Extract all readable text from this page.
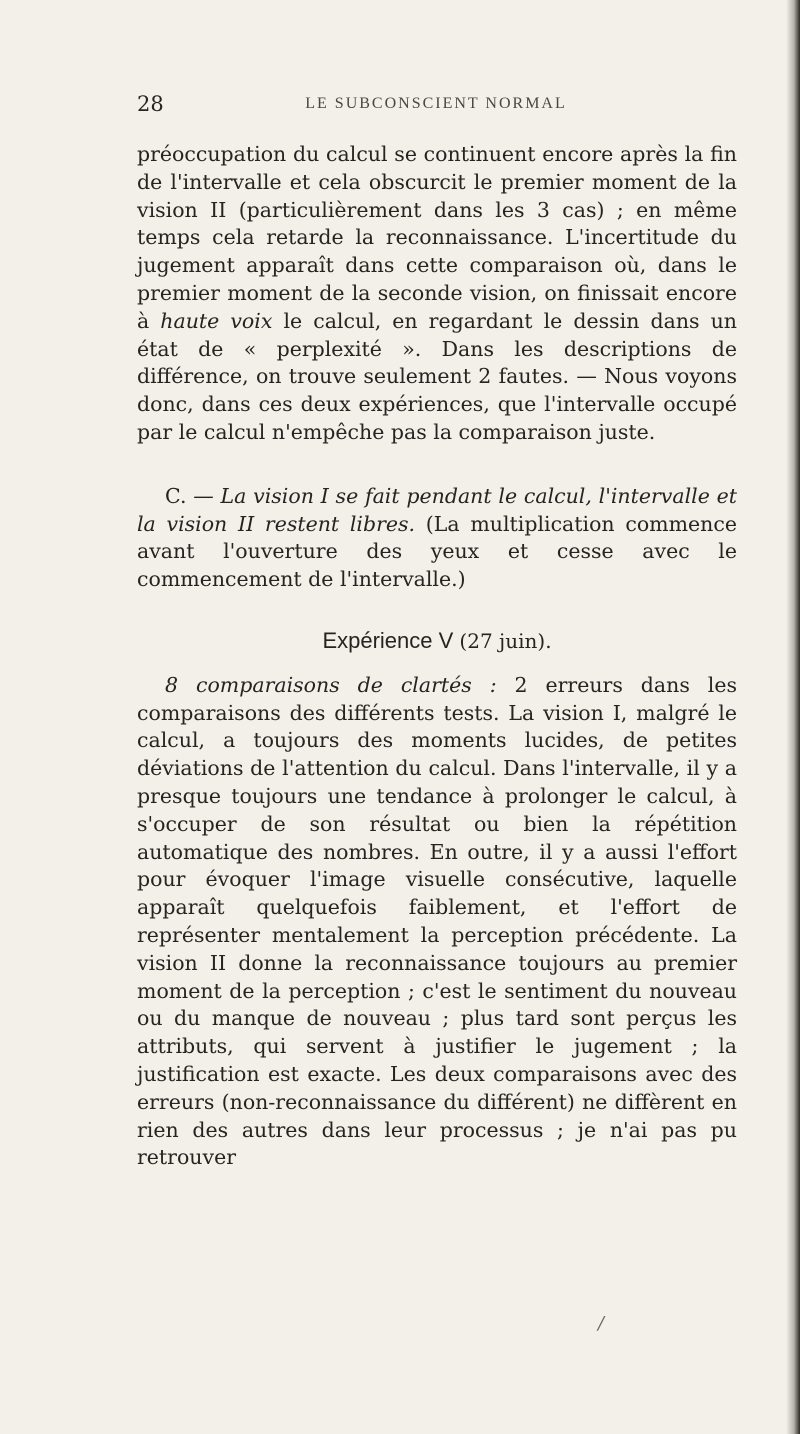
28	LE SUBCONSCIENT NORMAL

préoccupation du calcul se continuent encore après la fin de l'intervalle et cela obscurcit le premier moment de la vision II (particulièrement dans les 3 cas) ; en même temps cela retarde la reconnaissance. L'incertitude du jugement apparaît dans cette comparaison où, dans le premier moment de la seconde vision, on finissait encore à haute voix le calcul, en regardant le dessin dans un état de « perplexité ». Dans les descriptions de différence, on trouve seulement 2 fautes. — Nous voyons donc, dans ces deux expériences, que l'intervalle occupé par le calcul n'empêche pas la comparaison juste.

C. — La vision I se fait pendant le calcul, l'intervalle et la vision II restent libres. (La multiplication commence avant l'ouverture des yeux et cesse avec le commencement de l'intervalle.)

Expérience V (27 juin).

8 comparaisons de clartés : 2 erreurs dans les comparaisons des différents tests. La vision I, malgré le calcul, a toujours des moments lucides, de petites déviations de l'attention du calcul. Dans l'intervalle, il y a presque toujours une tendance à prolonger le calcul, à s'occuper de son résultat ou bien la répétition automatique des nombres. En outre, il y a aussi l'effort pour évoquer l'image visuelle consécutive, laquelle apparaît quelquefois faiblement, et l'effort de représenter mentalement la perception précédente. La vision II donne la reconnaissance toujours au premier moment de la perception ; c'est le sentiment du nouveau ou du manque de nouveau ; plus tard sont perçus les attributs, qui servent à justifier le jugement ; la justification est exacte. Les deux comparaisons avec des erreurs (non-reconnaissance du différent) ne diffèrent en rien des autres dans leur processus ; je n'ai pas pu retrouver

/
